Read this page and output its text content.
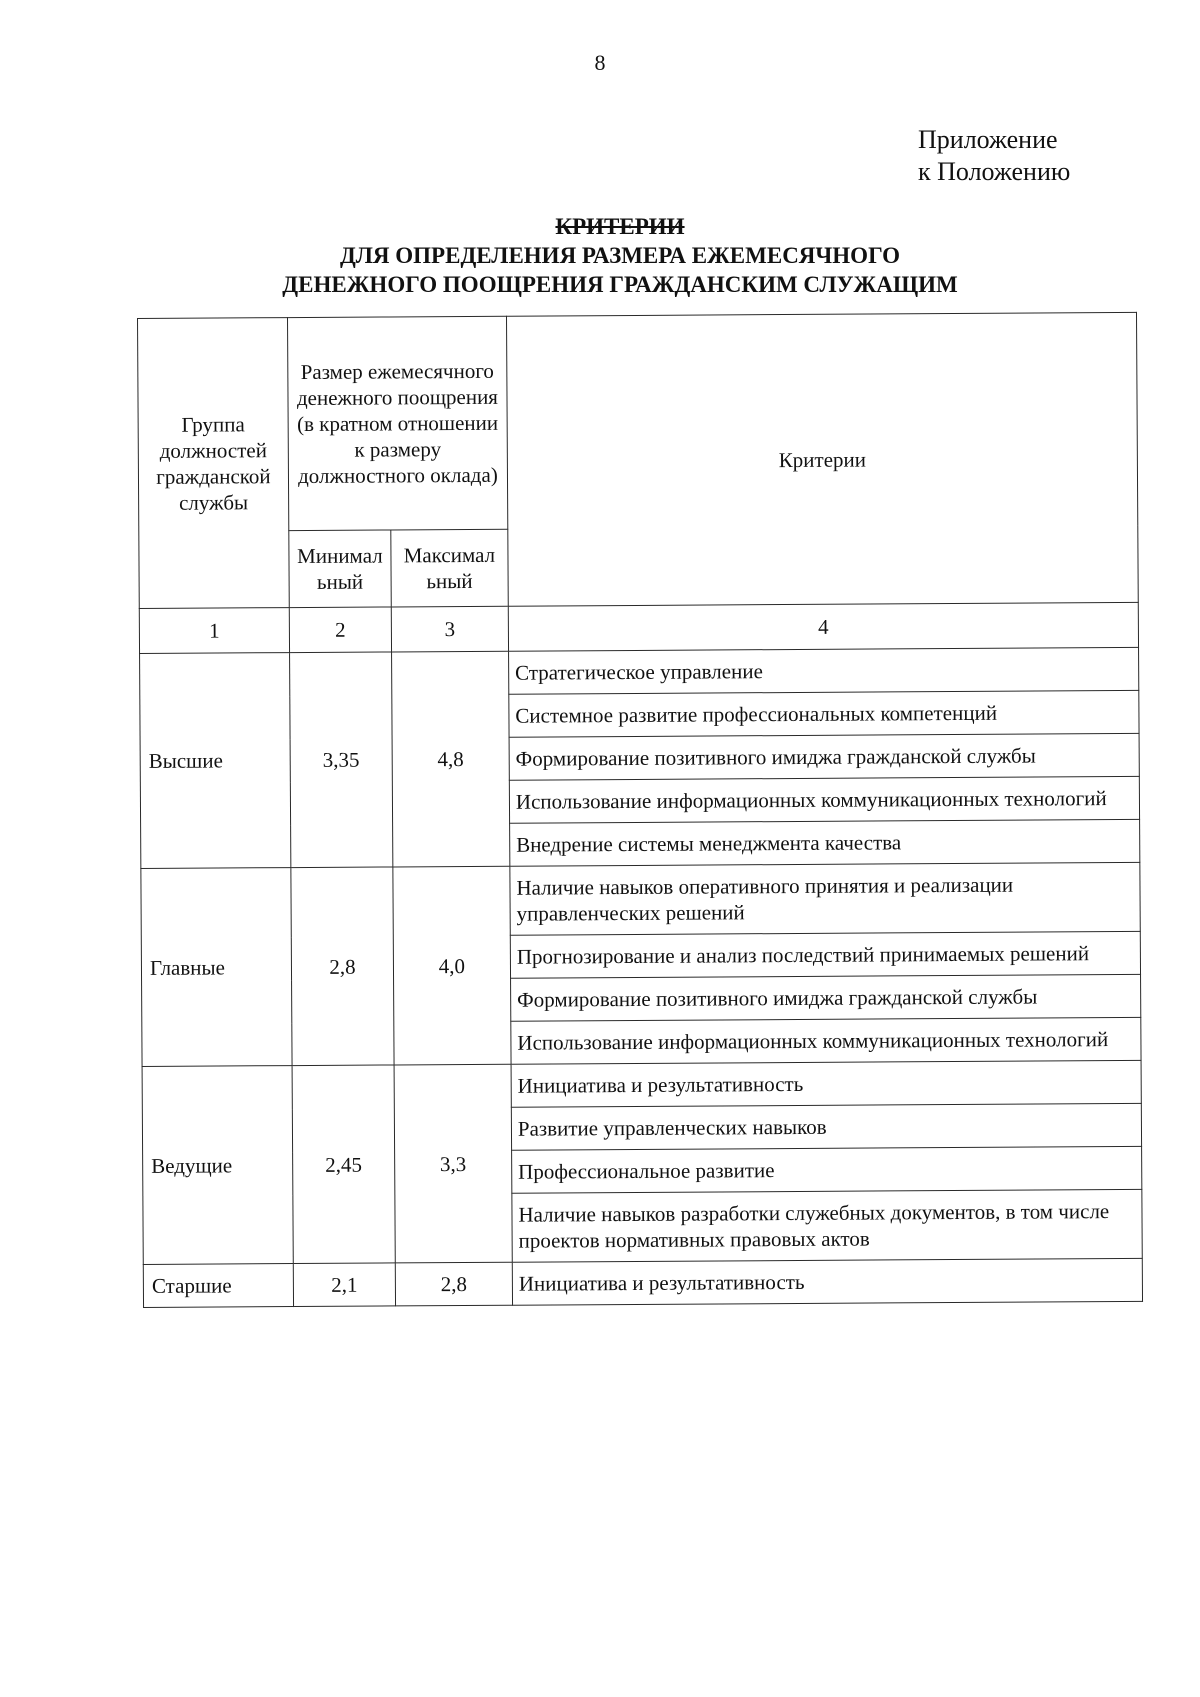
8
Приложение
к Положению
КРИТЕРИИ
ДЛЯ ОПРЕДЕЛЕНИЯ РАЗМЕРА ЕЖЕМЕСЯЧНОГО
ДЕНЕЖНОГО ПООЩРЕНИЯ ГРАЖДАНСКИМ СЛУЖАЩИМ
Группа должностей гражданской службы	Размер ежемесячного денежного поощрения (в кратном отношении к размеру должностного оклада)		Критерии
	Минимальный	Максимальный	
1	2	3	4
Высшие	3,35	4,8	Стратегическое управление
			Системное развитие профессиональных компетенций
			Формирование позитивного имиджа гражданской службы
			Использование информационных коммуникационных технологий
			Внедрение системы менеджмента качества
Главные	2,8	4,0	Наличие навыков оперативного принятия и реализации управленческих решений
			Прогнозирование и анализ последствий принимаемых решений
			Формирование позитивного имиджа гражданской службы
			Использование информационных коммуникационных технологий
Ведущие	2,45	3,3	Инициатива и результативность
			Развитие управленческих навыков
			Профессиональное развитие
			Наличие навыков разработки служебных документов, в том числе проектов нормативных правовых актов
Старшие	2,1	2,8	Инициатива и результативность
